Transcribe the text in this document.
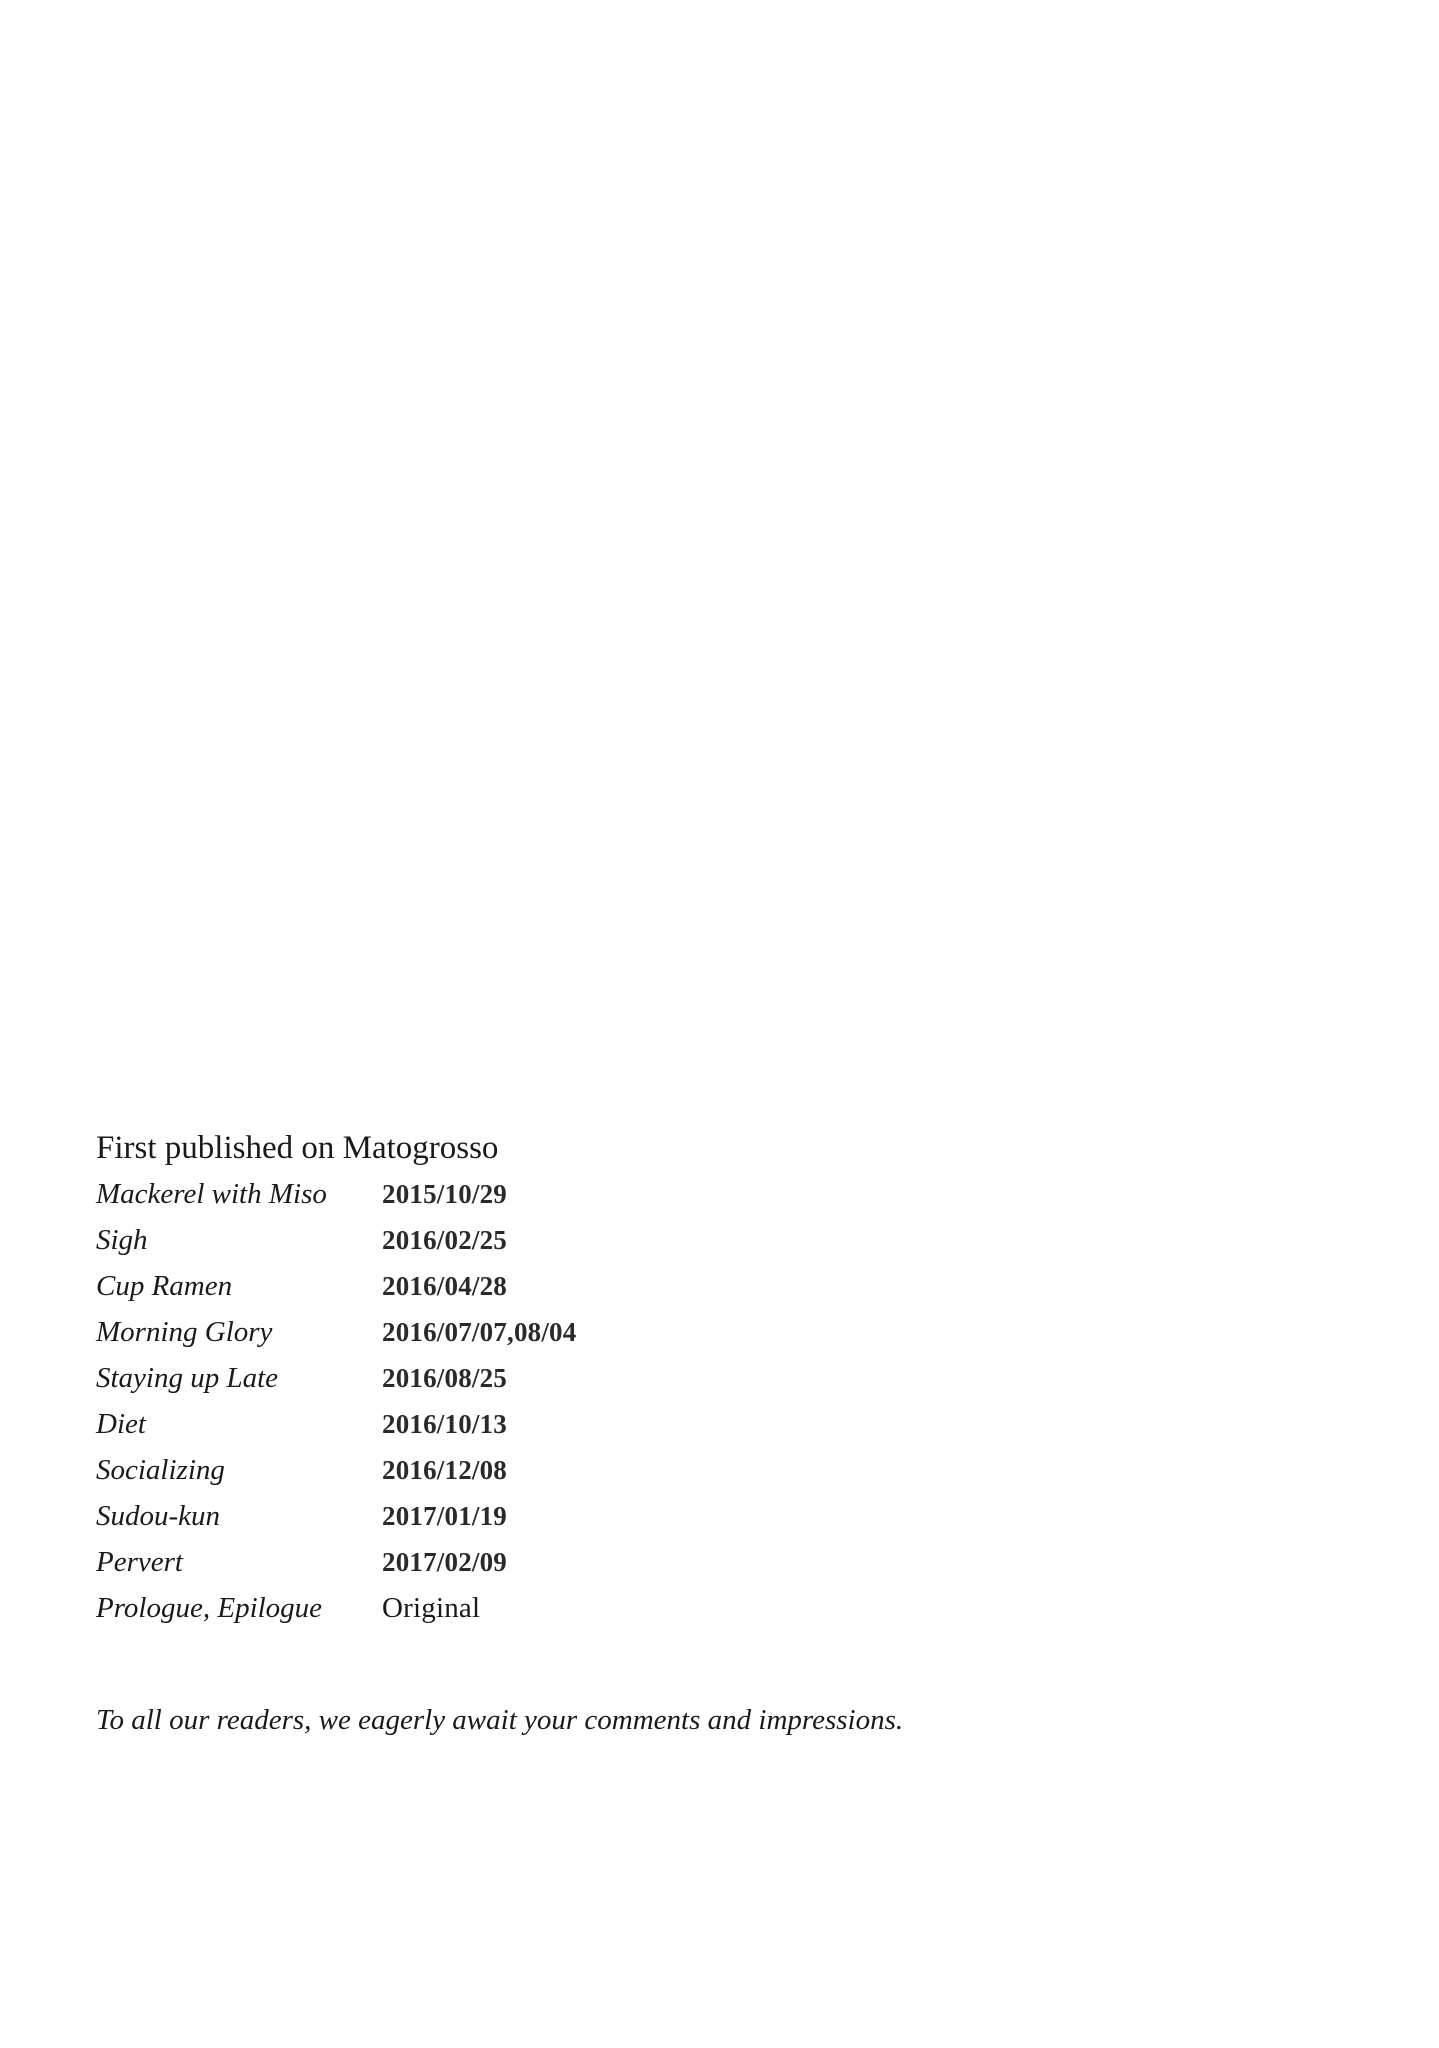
First published on Matogrosso
Mackerel with Miso	2015/10/29
Sigh	2016/02/25
Cup Ramen	2016/04/28
Morning Glory	2016/07/07,08/04
Staying up Late	2016/08/25
Diet	2016/10/13
Socializing	2016/12/08
Sudou-kun	2017/01/19
Pervert	2017/02/09
Prologue, Epilogue	Original

To all our readers, we eagerly await your comments and impressions.
